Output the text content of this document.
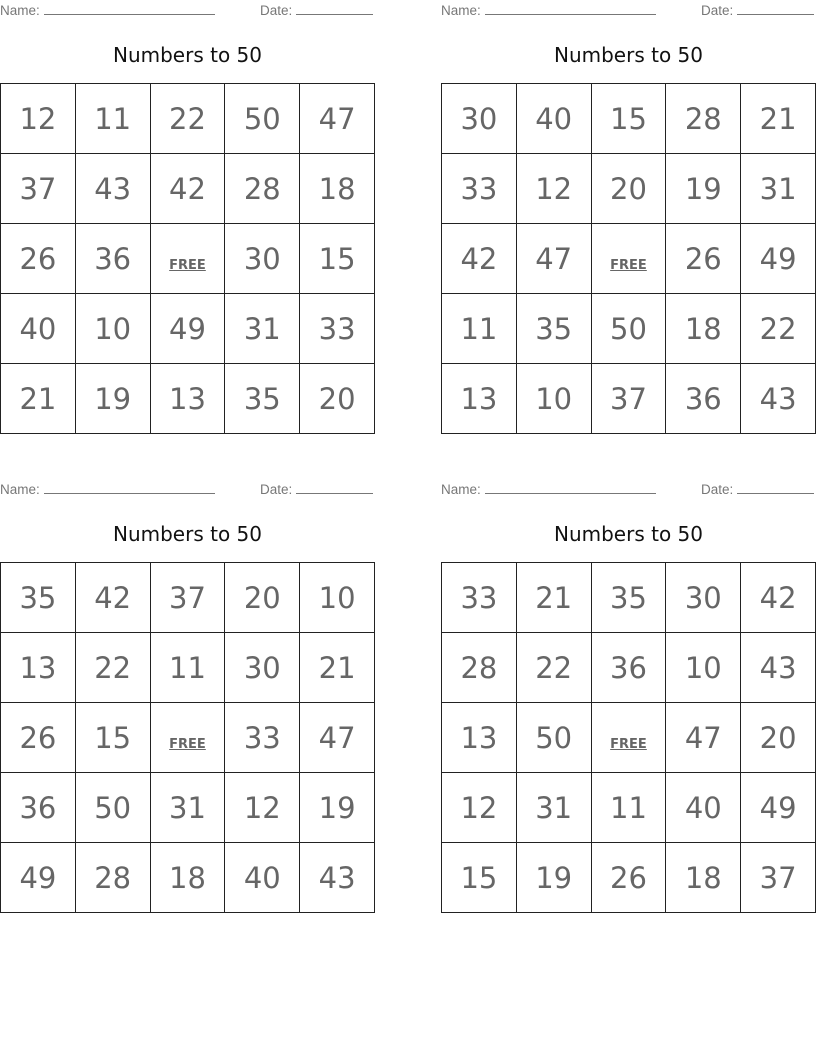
Name:	Date:
Numbers to 50
12	11	22	50	47
37	43	42	28	18
26	36	FREE	30	15
40	10	49	31	33
21	19	13	35	20
Name:	Date:
Numbers to 50
30	40	15	28	21
33	12	20	19	31
42	47	FREE	26	49
11	35	50	18	22
13	10	37	36	43
Name:	Date:
Numbers to 50
35	42	37	20	10
13	22	11	30	21
26	15	FREE	33	47
36	50	31	12	19
49	28	18	40	43
Name:	Date:
Numbers to 50
33	21	35	30	42
28	22	36	10	43
13	50	FREE	47	20
12	31	11	40	49
15	19	26	18	37
